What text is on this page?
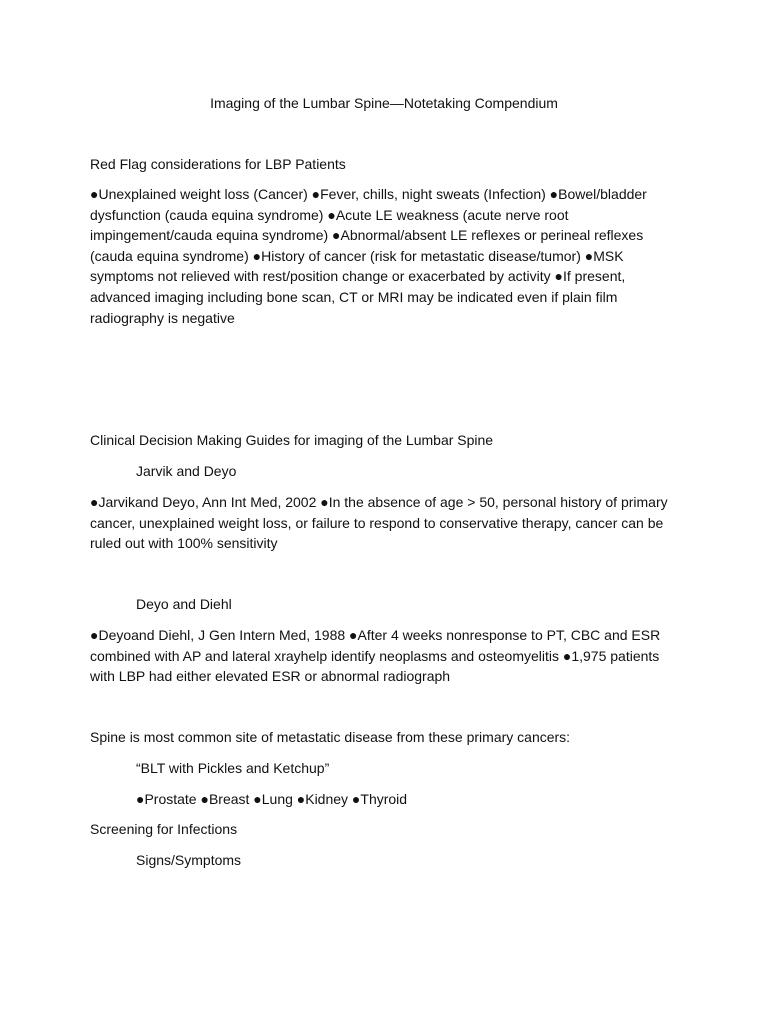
Imaging of the Lumbar Spine—Notetaking Compendium
Red Flag considerations for LBP Patients
●Unexplained weight loss (Cancer) ●Fever, chills, night sweats (Infection) ●Bowel/bladder dysfunction (cauda equina syndrome) ●Acute LE weakness (acute nerve root impingement/cauda equina syndrome) ●Abnormal/absent LE reflexes or perineal reflexes (cauda equina syndrome) ●History of cancer (risk for metastatic disease/tumor) ●MSK symptoms not relieved with rest/position change or exacerbated by activity ●If present, advanced imaging including bone scan, CT or MRI may be indicated even if plain film radiography is negative
Clinical Decision Making Guides for imaging of the Lumbar Spine
Jarvik and Deyo
●Jarvikand Deyo, Ann Int Med, 2002 ●In the absence of age > 50, personal history of primary cancer, unexplained weight loss, or failure to respond to conservative therapy, cancer can be ruled out with 100% sensitivity
Deyo and Diehl
●Deyoand Diehl, J Gen Intern Med, 1988 ●After 4 weeks nonresponse to PT, CBC and ESR combined with AP and lateral xrayhelp identify neoplasms and osteomyelitis ●1,975 patients with LBP had either elevated ESR or abnormal radiograph
Spine is most common site of metastatic disease from these primary cancers:
“BLT with Pickles and Ketchup”
●Prostate ●Breast ●Lung ●Kidney ●Thyroid
Screening for Infections
Signs/Symptoms
